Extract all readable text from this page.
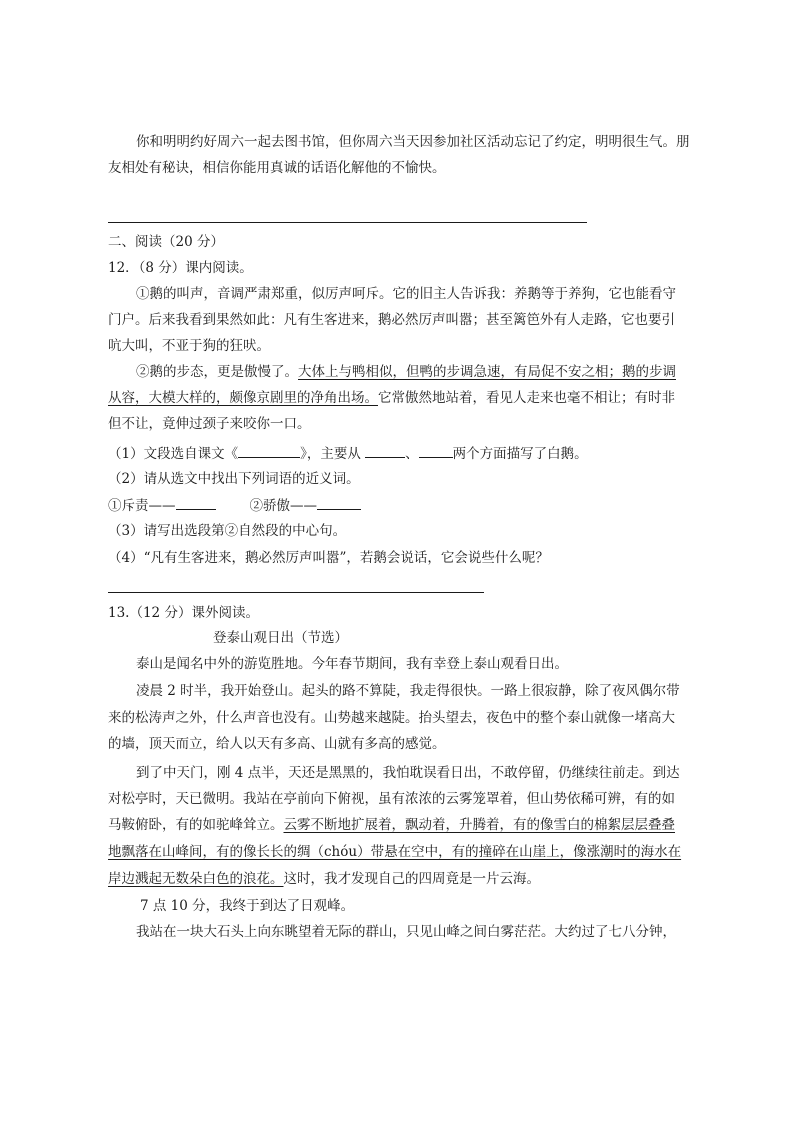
你和明明约好周六一起去图书馆，但你周六当天因参加社区活动忘记了约定，明明很生气。朋
友相处有秘诀，相信你能用真诚的话语化解他的不愉快。
二、阅读（20 分）
12．（8 分）课内阅读。
①鹅的叫声，音调严肃郑重，似厉声呵斥。它的旧主人告诉我：养鹅等于养狗，它也能看守
门户。后来我看到果然如此：凡有生客进来，鹅必然厉声叫嚣；甚至篱笆外有人走路，它也要引
吭大叫，不亚于狗的狂吠。
②鹅的步态，更是傲慢了。大体上与鸭相似，但鸭的步调急速，有局促不安之相；鹅的步调
从容，大模大样的，颇像京剧里的净角出场。它常傲然地站着，看见人走来也毫不相让；有时非
但不让，竟伸过颈子来咬你一口。
（1）文段选自课文《	》，主要从	、	两个方面描写了白鹅。
（2）请从选文中找出下列词语的近义词。
①斥责——	②骄傲——
（3）请写出选段第②自然段的中心句。
（4）“凡有生客进来，鹅必然厉声叫嚣”，若鹅会说话，它会说些什么呢？
13.（12 分）课外阅读。
登泰山观日出（节选）
泰山是闻名中外的游览胜地。今年春节期间，我有幸登上泰山观看日出。
凌晨 2 时半，我开始登山。起头的路不算陡，我走得很快。一路上很寂静，除了夜风偶尔带
来的松涛声之外，什么声音也没有。山势越来越陡。抬头望去，夜色中的整个泰山就像一堵高大
的墙，顶天而立，给人以天有多高、山就有多高的感觉。
到了中天门，刚 4 点半，天还是黑黑的，我怕耽误看日出，不敢停留，仍继续往前走。到达
对松亭时，天已微明。我站在亭前向下俯视，虽有浓浓的云雾笼罩着，但山势依稀可辨，有的如
马鞍俯卧，有的如驼峰耸立。云雾不断地扩展着，飘动着，升腾着，有的像雪白的棉絮层层叠叠
地飘落在山峰间，有的像长长的绸（chóu）带悬在空中，有的撞碎在山崖上，像涨潮时的海水在
岸边溅起无数朵白色的浪花。这时，我才发现自己的四周竟是一片云海。
7 点 10 分，我终于到达了日观峰。
我站在一块大石头上向东眺望着无际的群山，只见山峰之间白雾茫茫。大约过了七八分钟，
